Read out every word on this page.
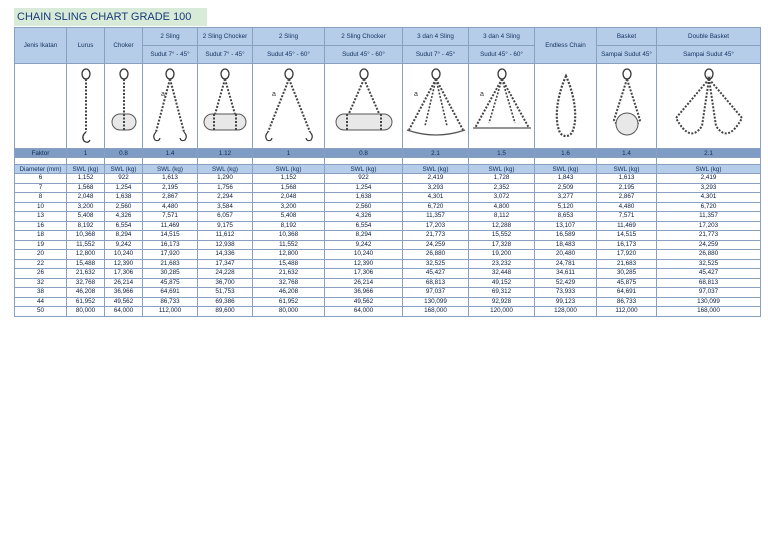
CHAIN SLING CHART GRADE 100
Jenis Ikatan	Lurus	Choker	2 Sling	2 Sling Chocker	2 Sling	2 Sling Chocker	3 dan 4 Sling	3 dan 4 Sling	Endless Chain	Basket	Double Basket
			Sudut 7° - 45°	Sudut 7° - 45°	Sudut 45° - 60°	Sudut 45° - 60°	Sudut 7° - 45°	Sudut 45° - 60°		Sampai Sudut 45°	Sampai Sudut 45°

a		a		a	a

Faktor	1	0.8	1.4	1.12	1	0.8	2.1	1.5	1.6	1.4	2.1

Diameter (mm)	SWL (kg)	SWL (kg)	SWL (kg)	SWL (kg)	SWL (kg)	SWL (kg)	SWL (kg)	SWL (kg)	SWL (kg)	SWL (kg)	SWL (kg)
6	1,152	922	1,613	1,290	1,152	922	2,419	1,728	1,843	1,613	2,419
7	1,568	1,254	2,195	1,756	1,568	1,254	3,293	2,352	2,509	2,195	3,293
8	2,048	1,638	2,867	2,294	2,048	1,638	4,301	3,072	3,277	2,867	4,301
10	3,200	2,560	4,480	3,584	3,200	2,560	6,720	4,800	5,120	4,480	6,720
13	5,408	4,326	7,571	6,057	5,408	4,326	11,357	8,112	8,653	7,571	11,357
16	8,192	6,554	11,469	9,175	8,192	6,554	17,203	12,288	13,107	11,469	17,203
18	10,368	8,294	14,515	11,612	10,368	8,294	21,773	15,552	16,589	14,515	21,773
19	11,552	9,242	16,173	12,938	11,552	9,242	24,259	17,328	18,483	16,173	24,259
20	12,800	10,240	17,920	14,336	12,800	10,240	26,880	19,200	20,480	17,920	26,880
22	15,488	12,390	21,683	17,347	15,488	12,390	32,525	23,232	24,781	21,683	32,525
26	21,632	17,306	30,285	24,228	21,632	17,306	45,427	32,448	34,611	30,285	45,427
32	32,768	26,214	45,875	36,700	32,768	26,214	68,813	49,152	52,429	45,875	68,813
38	46,208	36,966	64,691	51,753	46,208	36,966	97,037	69,312	73,933	64,691	97,037
44	61,952	49,562	86,733	69,386	61,952	49,562	130,099	92,928	99,123	86,733	130,099
50	80,000	64,000	112,000	89,600	80,000	64,000	168,000	120,000	128,000	112,000	168,000
